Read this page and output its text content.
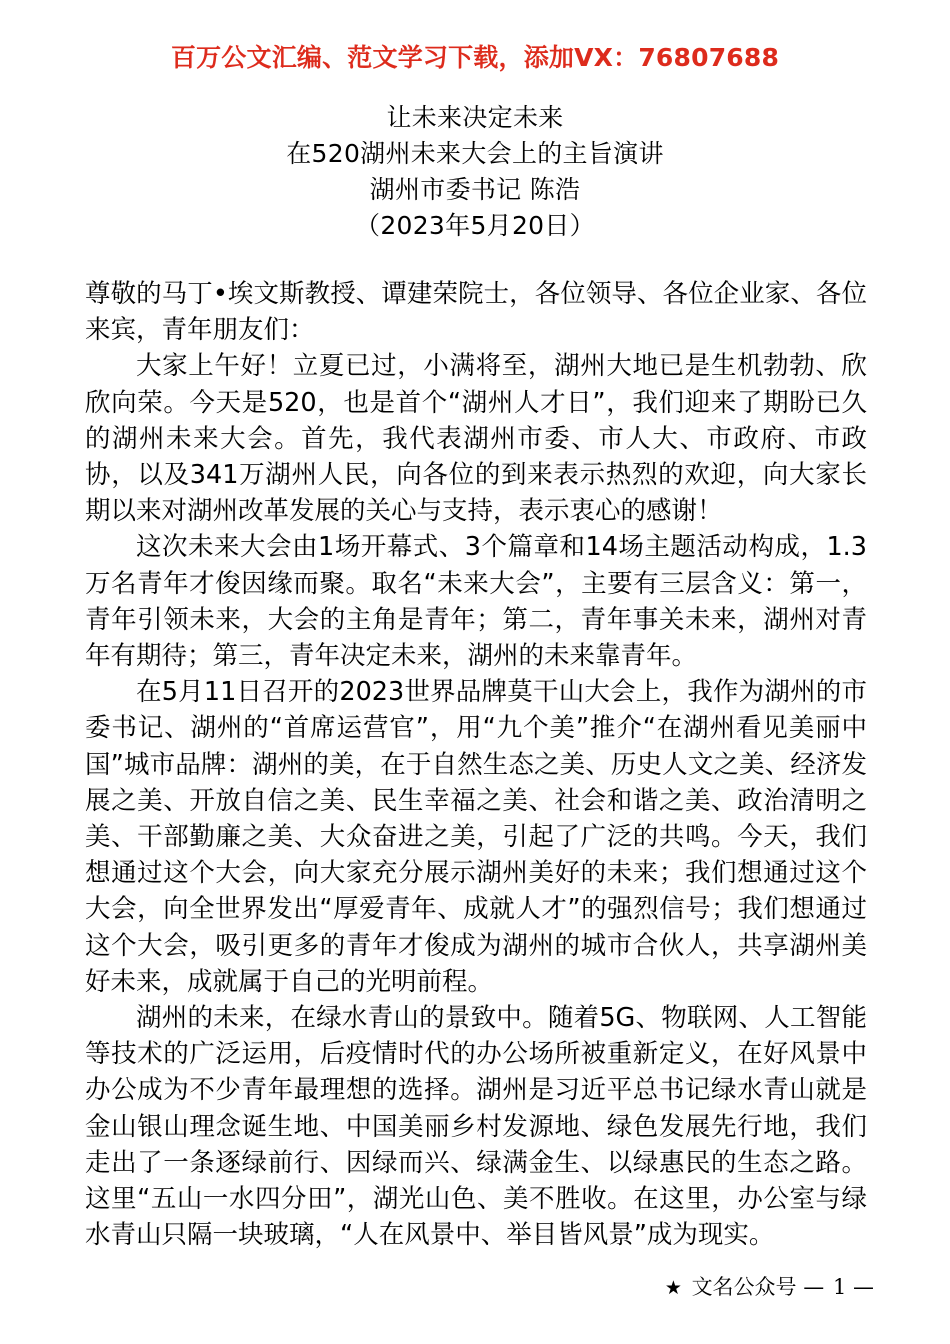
百万公文汇编、范文学习下载，添加VX：76807688
让未来决定未来
在520湖州未来大会上的主旨演讲
湖州市委书记 陈浩
（2023年5月20日）

尊敬的马丁•埃文斯教授、谭建荣院士，各位领导、各位企业家、各位来宾，青年朋友们：

大家上午好！立夏已过，小满将至，湖州大地已是生机勃勃、欣欣向荣。今天是520，也是首个“湖州人才日”，我们迎来了期盼已久的湖州未来大会。首先，我代表湖州市委、市人大、市政府、市政协，以及341万湖州人民，向各位的到来表示热烈的欢迎，向大家长期以来对湖州改革发展的关心与支持，表示衷心的感谢！

这次未来大会由1场开幕式、3个篇章和14场主题活动构成，1.3万名青年才俊因缘而聚。取名“未来大会”，主要有三层含义：第一，青年引领未来，大会的主角是青年；第二，青年事关未来，湖州对青年有期待；第三，青年决定未来，湖州的未来靠青年。

在5月11日召开的2023世界品牌莫干山大会上，我作为湖州的市委书记、湖州的“首席运营官”，用“九个美”推介“在湖州看见美丽中国”城市品牌：湖州的美，在于自然生态之美、历史人文之美、经济发展之美、开放自信之美、民生幸福之美、社会和谐之美、政治清明之美、干部勤廉之美、大众奋进之美，引起了广泛的共鸣。今天，我们想通过这个大会，向大家充分展示湖州美好的未来；我们想通过这个大会，向全世界发出“厚爱青年、成就人才”的强烈信号；我们想通过这个大会，吸引更多的青年才俊成为湖州的城市合伙人，共享湖州美好未来，成就属于自己的光明前程。

湖州的未来，在绿水青山的景致中。随着5G、物联网、人工智能等技术的广泛运用，后疫情时代的办公场所被重新定义，在好风景中办公成为不少青年最理想的选择。湖州是习近平总书记绿水青山就是金山银山理念诞生地、中国美丽乡村发源地、绿色发展先行地，我们走出了一条逐绿前行、因绿而兴、绿满金生、以绿惠民的生态之路。这里“五山一水四分田”，湖光山色、美不胜收。在这里，办公室与绿水青山只隔一块玻璃，“人在风景中、举目皆风景”成为现实。

★ 文名公众号 — 1 —
